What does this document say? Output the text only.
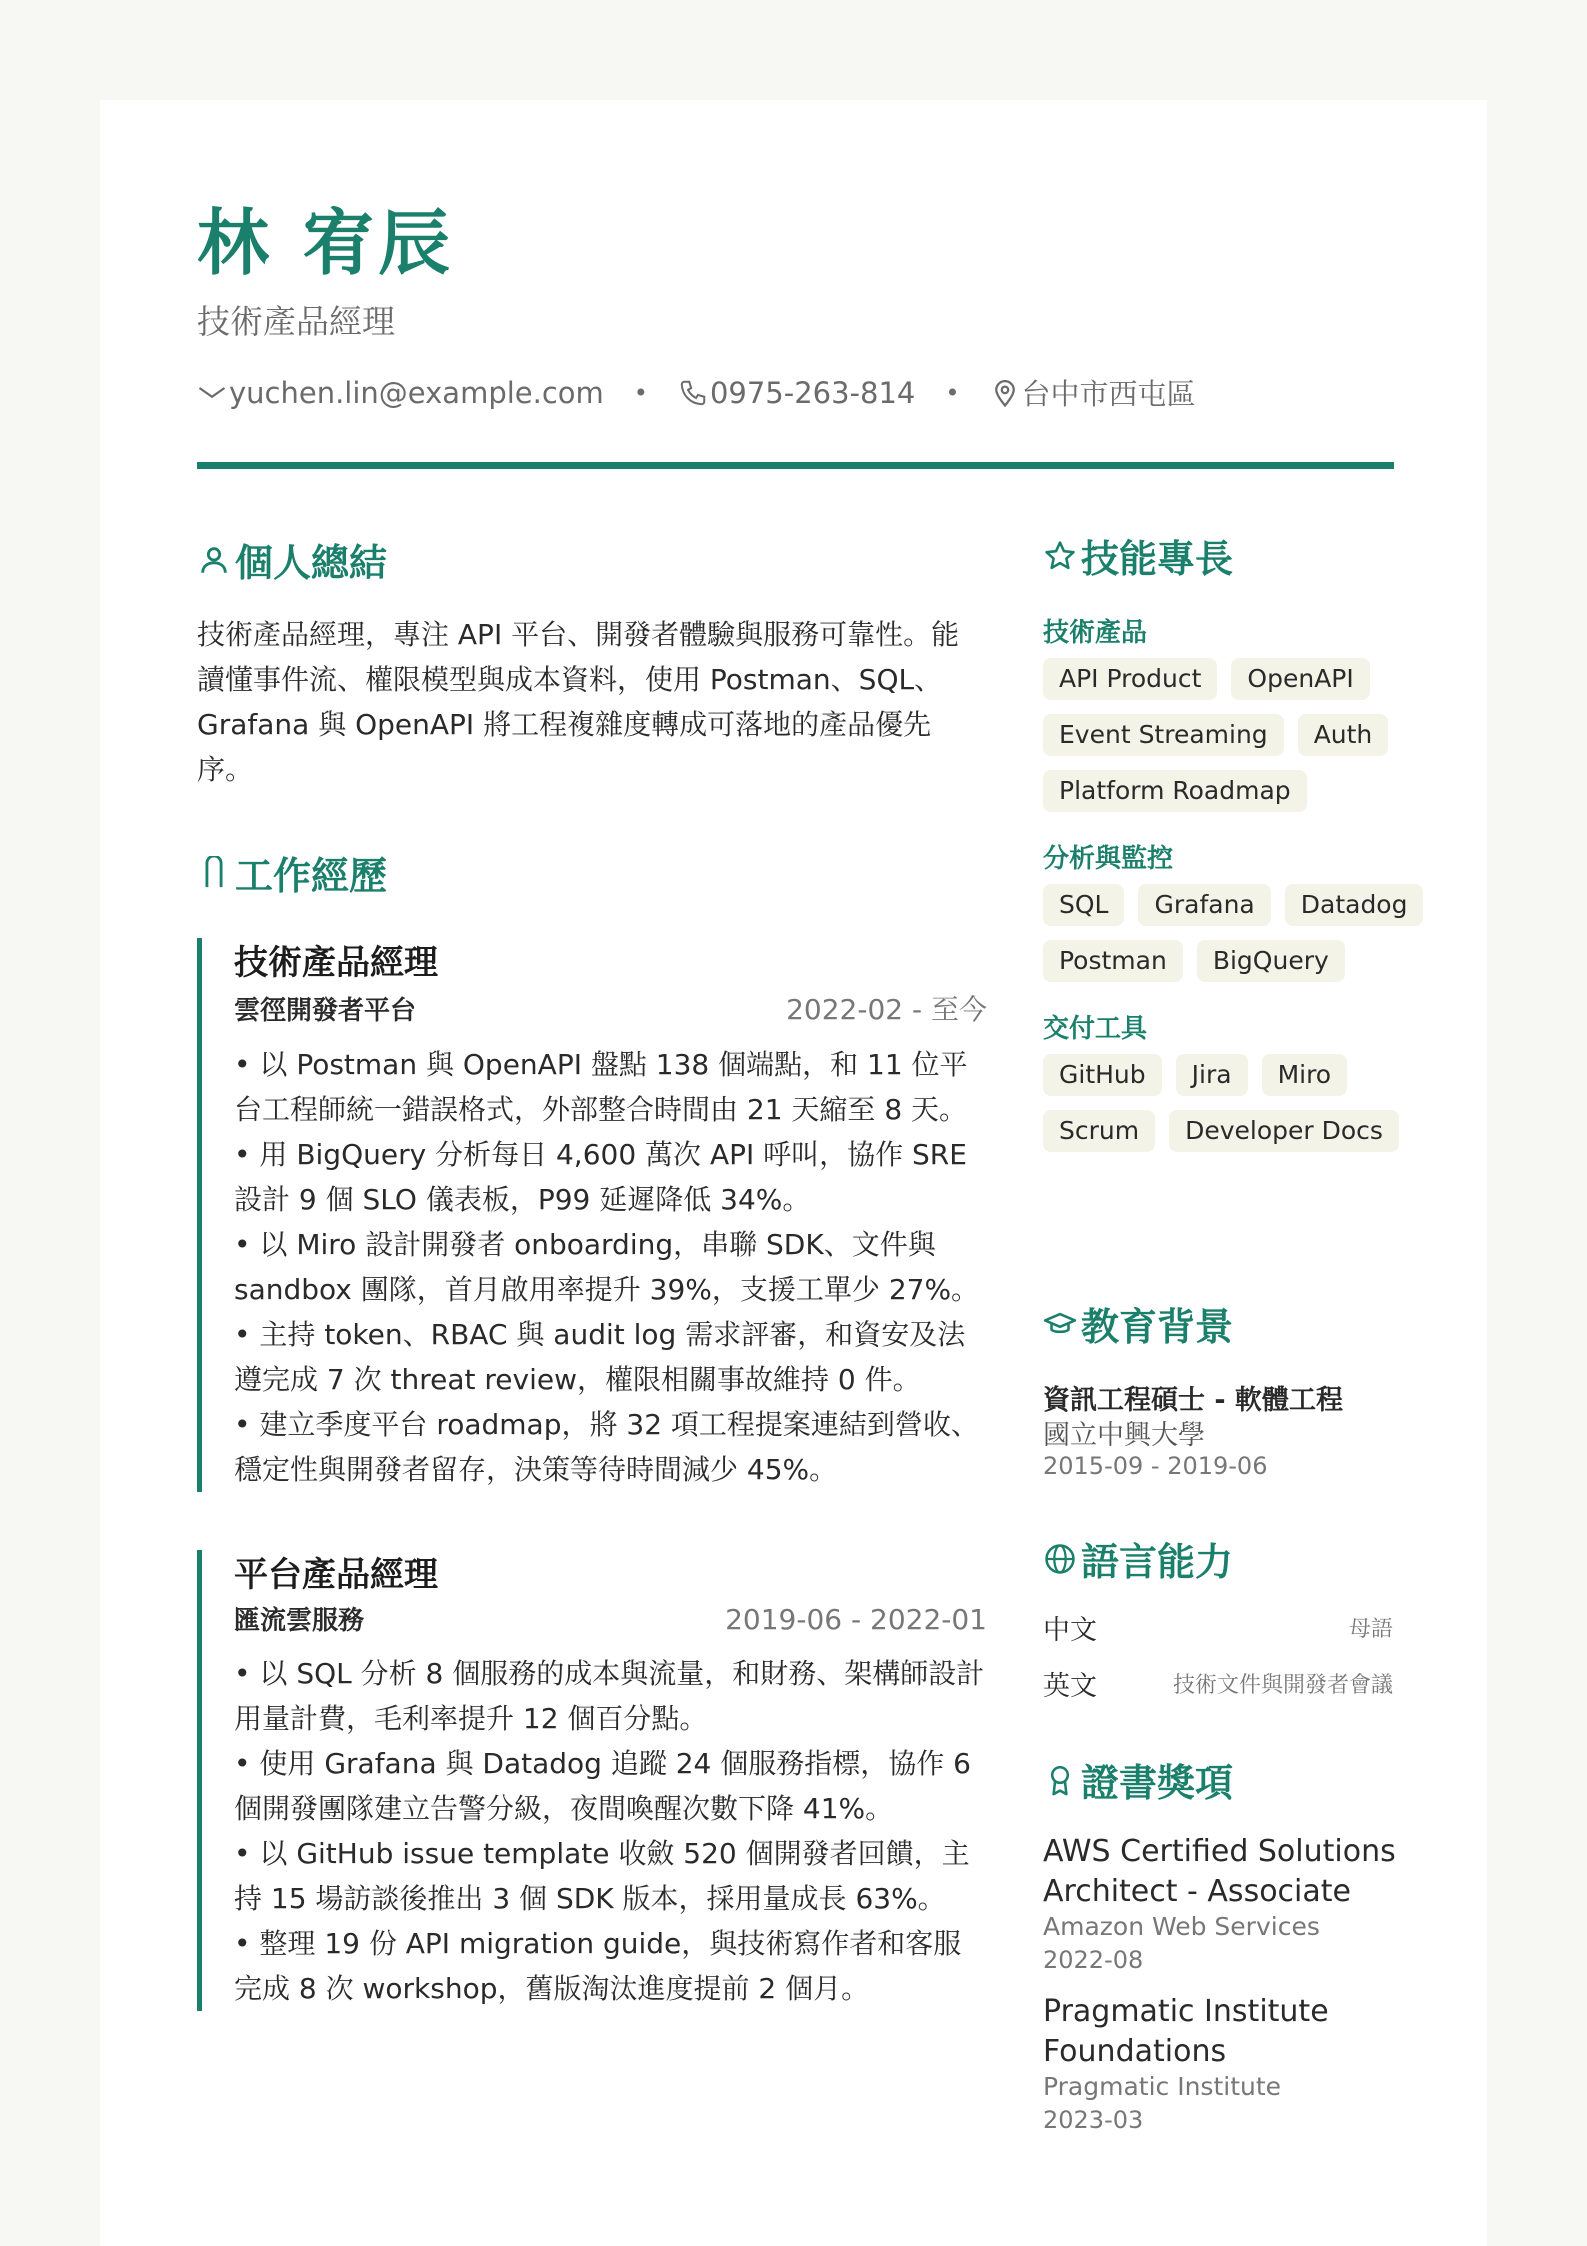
林 宥辰

技術產品經理

yuchen.lin@example.com • 0975-263-814 • 台中市西屯區
個人總結

技術產品經理，專注 API 平台、開發者體驗與服務可靠性。能讀懂事件流、權限模型與成本資料，使用 Postman、SQL、Grafana 與 OpenAPI 將工程複雜度轉成可落地的產品優先序。

工作經歷
技術產品經理
雲徑開發者平台	2022-02 - 至今
• 以 Postman 與 OpenAPI 盤點 138 個端點，和 11 位平台工程師統一錯誤格式，外部整合時間由 21 天縮至 8 天。
• 用 BigQuery 分析每日 4,600 萬次 API 呼叫，協作 SRE 設計 9 個 SLO 儀表板，P99 延遲降低 34%。
• 以 Miro 設計開發者 onboarding，串聯 SDK、文件與 sandbox 團隊，首月啟用率提升 39%，支援工單少 27%。
• 主持 token、RBAC 與 audit log 需求評審，和資安及法遵完成 7 次 threat review，權限相關事故維持 0 件。
• 建立季度平台 roadmap，將 32 項工程提案連結到營收、穩定性與開發者留存，決策等待時間減少 45%。
平台產品經理
匯流雲服務	2019-06 - 2022-01
• 以 SQL 分析 8 個服務的成本與流量，和財務、架構師設計用量計費，毛利率提升 12 個百分點。
• 使用 Grafana 與 Datadog 追蹤 24 個服務指標，協作 6 個開發團隊建立告警分級，夜間喚醒次數下降 41%。
• 以 GitHub issue template 收斂 520 個開發者回饋，主持 15 場訪談後推出 3 個 SDK 版本，採用量成長 63%。
• 整理 19 份 API migration guide，與技術寫作者和客服完成 8 次 workshop，舊版淘汰進度提前 2 個月。
技能專長

技術產品

API Product	OpenAPI
Event Streaming	Auth
Platform Roadmap

分析與監控

SQL	Grafana	Datadog
Postman	BigQuery

交付工具

GitHub	Jira	Miro
Scrum	Developer Docs
教育背景

資訊工程碩士 - 軟體工程

國立中興大學

2015-09 - 2019-06

語言能力
中文	母語
英文	技術文件與開發者會議
證書獎項

AWS Certified Solutions Architect - Associate

Amazon Web Services

2022-08

Pragmatic Institute Foundations

Pragmatic Institute

2023-03
